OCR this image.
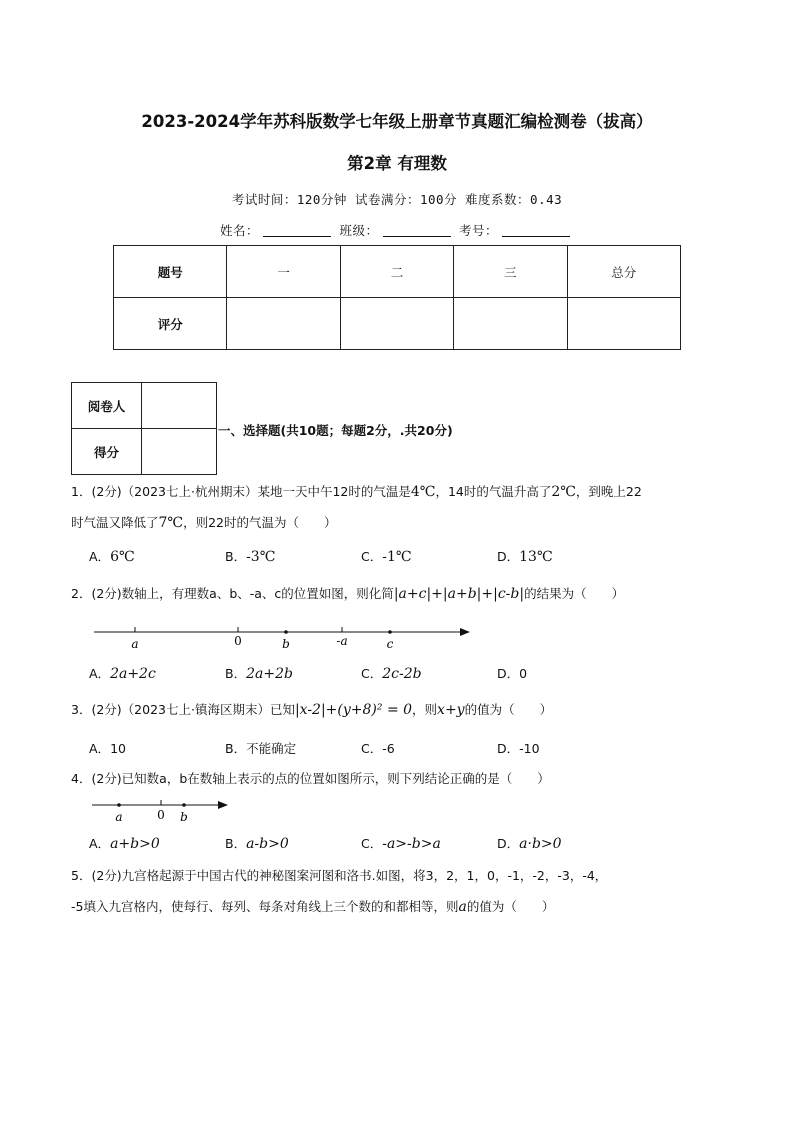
2023-2024学年苏科版数学七年级上册章节真题汇编检测卷（拔高）
第2章 有理数
考试时间：120分钟 试卷满分：100分 难度系数：0.43
姓名：	班级：	考号：
题号	一	二	三	总分
评分				
阅卷人	
得分	
一、选择题(共10题；每题2分，.共20分)
1．(2分)（2023七上·杭州期末）某地一天中午12时的气温是4℃，14时的气温升高了2℃，到晚上22
时气温又降低了7℃，则22时的气温为（　　）
A．6℃	B．-3℃	C．-1℃	D．13℃
2．(2分)数轴上，有理数a、b、-a、c的位置如图，则化简|a+c|+|a+b|+|c-b|的结果为（　　）
a	0	b	-a	c
A．2a+2c	B．2a+2b	C．2c-2b	D．0
3．(2分)（2023七上·镇海区期末）已知|x-2|+(y+8)² = 0，则x+y的值为（　　）
A．10	B．不能确定	C．-6	D．-10
4．(2分)已知数a，b在数轴上表示的点的位置如图所示，则下列结论正确的是（　　）
a	0 b
A．a+b>0	B．a-b>0	C．-a>-b>a	D．a·b>0
5．(2分)九宫格起源于中国古代的神秘图案河图和洛书.如图，将3，2，1，0，-1，-2，-3，-4，
-5填入九宫格内，使每行、每列、每条对角线上三个数的和都相等，则a的值为（　　）
